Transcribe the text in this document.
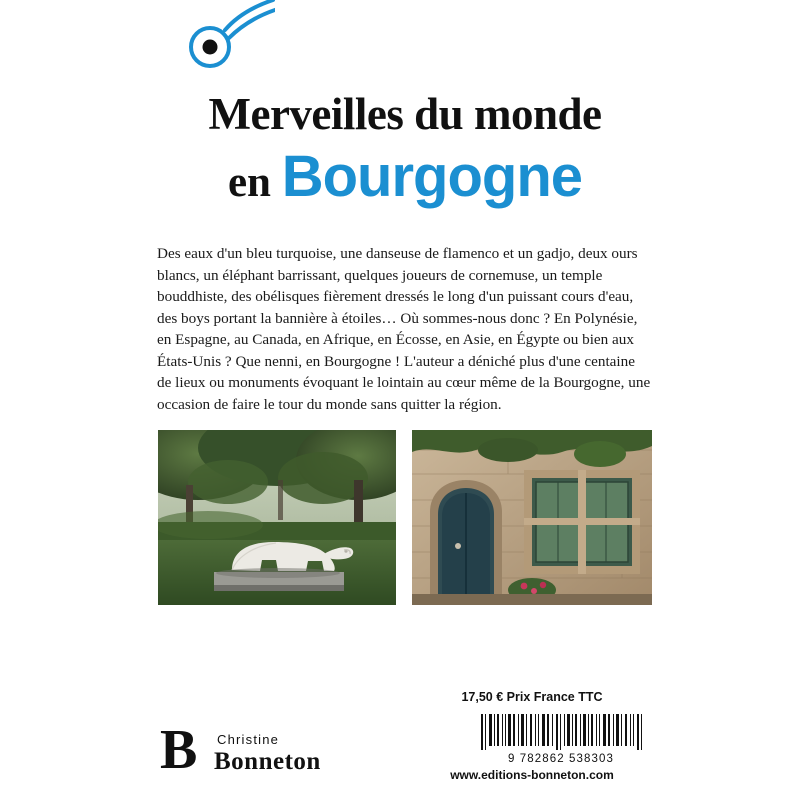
Merveilles du monde
en Bourgogne
Des eaux d'un bleu turquoise, une danseuse de flamenco et un gadjo, deux ours blancs, un éléphant barrissant, quelques joueurs de cornemuse, un temple bouddhiste, des obélisques fièrement dressés le long d'un puissant cours d'eau, des boys portant la bannière à étoiles… Où sommes-nous donc ? En Polynésie, en Espagne, au Canada, en Afrique, en Écosse, en Asie, en Égypte ou bien aux États-Unis ? Que nenni, en Bourgogne ! L'auteur a déniché plus d'une centaine de lieux ou monuments évoquant le lointain au cœur même de la Bourgogne, une occasion de faire le tour du monde sans quitter la région.
17,50 € Prix France TTC
9 782862 538303
www.editions-bonneton.com
B Christine
Bonneton
